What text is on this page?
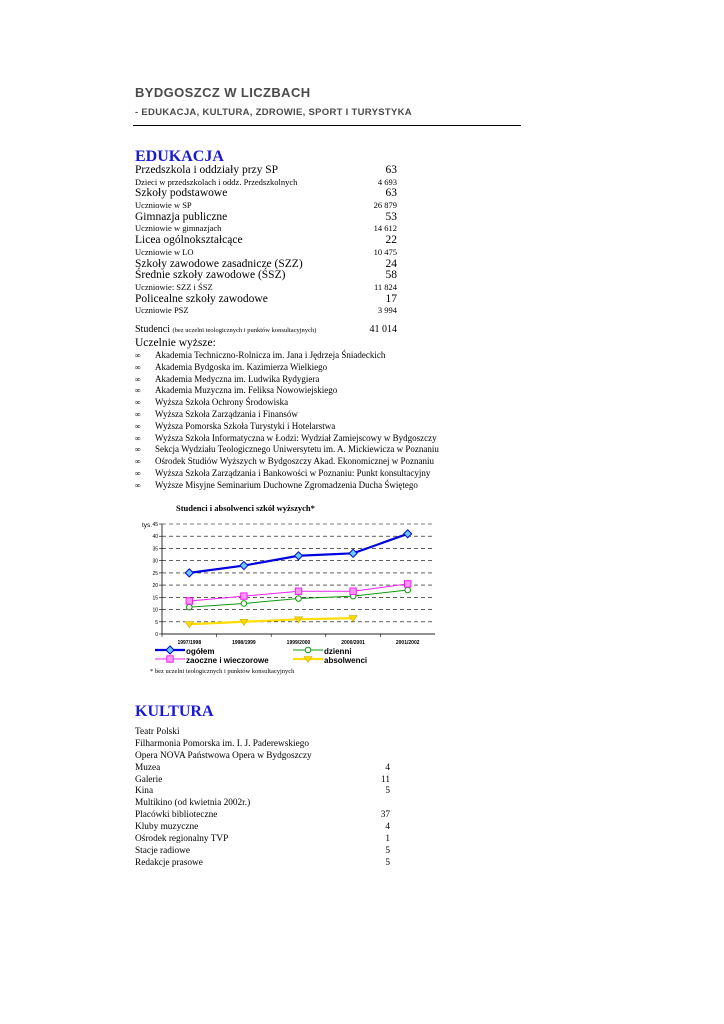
BYDGOSZCZ W LICZBACH
- EDUKACJA, KULTURA, ZDROWIE, SPORT I TURYSTYKA
EDUKACJA
Przedszkola i oddziały przy SP	63
Dzieci w przedszkolach i oddz. Przedszkolnych	4 693
Szkoły podstawowe	63
Uczniowie w SP	26 879
Gimnazja publiczne	53
Uczniowie w gimnazjach	14 612
Licea ogólnokształcące	22
Uczniowie w LO	10 475
Szkoły zawodowe zasadnicze (SZZ)	24
Średnie szkoły zawodowe (ŚSZ)	58
Uczniowie: SZZ i ŚSZ	11 824
Policealne szkoły zawodowe	17
Uczniowie PSZ	3 994
Studenci (bez uczelni teologicznych i punktów konsultacyjnych)	41 014
Uczelnie wyższe:
∞	Akademia Techniczno-Rolnicza im. Jana i Jędrzeja Śniadeckich
∞	Akademia Bydgoska im. Kazimierza Wielkiego
∞	Akademia Medyczna im. Ludwika Rydygiera
∞	Akademia Muzyczna im. Feliksa Nowowiejskiego
∞	Wyższa Szkoła Ochrony Środowiska
∞	Wyższa Szkoła Zarządzania i Finansów
∞	Wyższa Pomorska Szkoła Turystyki i Hotelarstwa
∞	Wyższa Szkoła Informatyczna w Łodzi: Wydział Zamiejscowy w Bydgoszczy
∞	Sekcja Wydziału Teologicznego Uniwersytetu im. A. Mickiewicza w Poznaniu
∞	Ośrodek Studiów Wyższych w Bydgoszczy Akad. Ekonomicznej w Poznaniu
∞	Wyższa Szkoła Zarządzania i Bankowości w Poznaniu: Punkt konsultacyjny
∞	Wyższe Misyjne Seminarium Duchowne Zgromadzenia Ducha Świętego
Studenci i absolwenci szkół wyższych*
0
5
10
15
20
25
30
35
40
45
tys.
1997/1998	1998/1999	1999/2000	2000/2001	2001/2002
ogółem	dzienni
zaoczne i wieczorowe	absolwenci
* bez uczelni teologicznych i punktów konsultacyjnych
KULTURA
Teatr Polski
Filharmonia Pomorska im. I. J. Paderewskiego
Opera NOVA Państwowa Opera w Bydgoszczy
Muzea	4
Galerie	11
Kina	5
Multikino (od kwietnia 2002r.)
Placówki biblioteczne	37
Kluby muzyczne	4
Ośrodek regionalny TVP	1
Stacje radiowe	5
Redakcje prasowe	5
